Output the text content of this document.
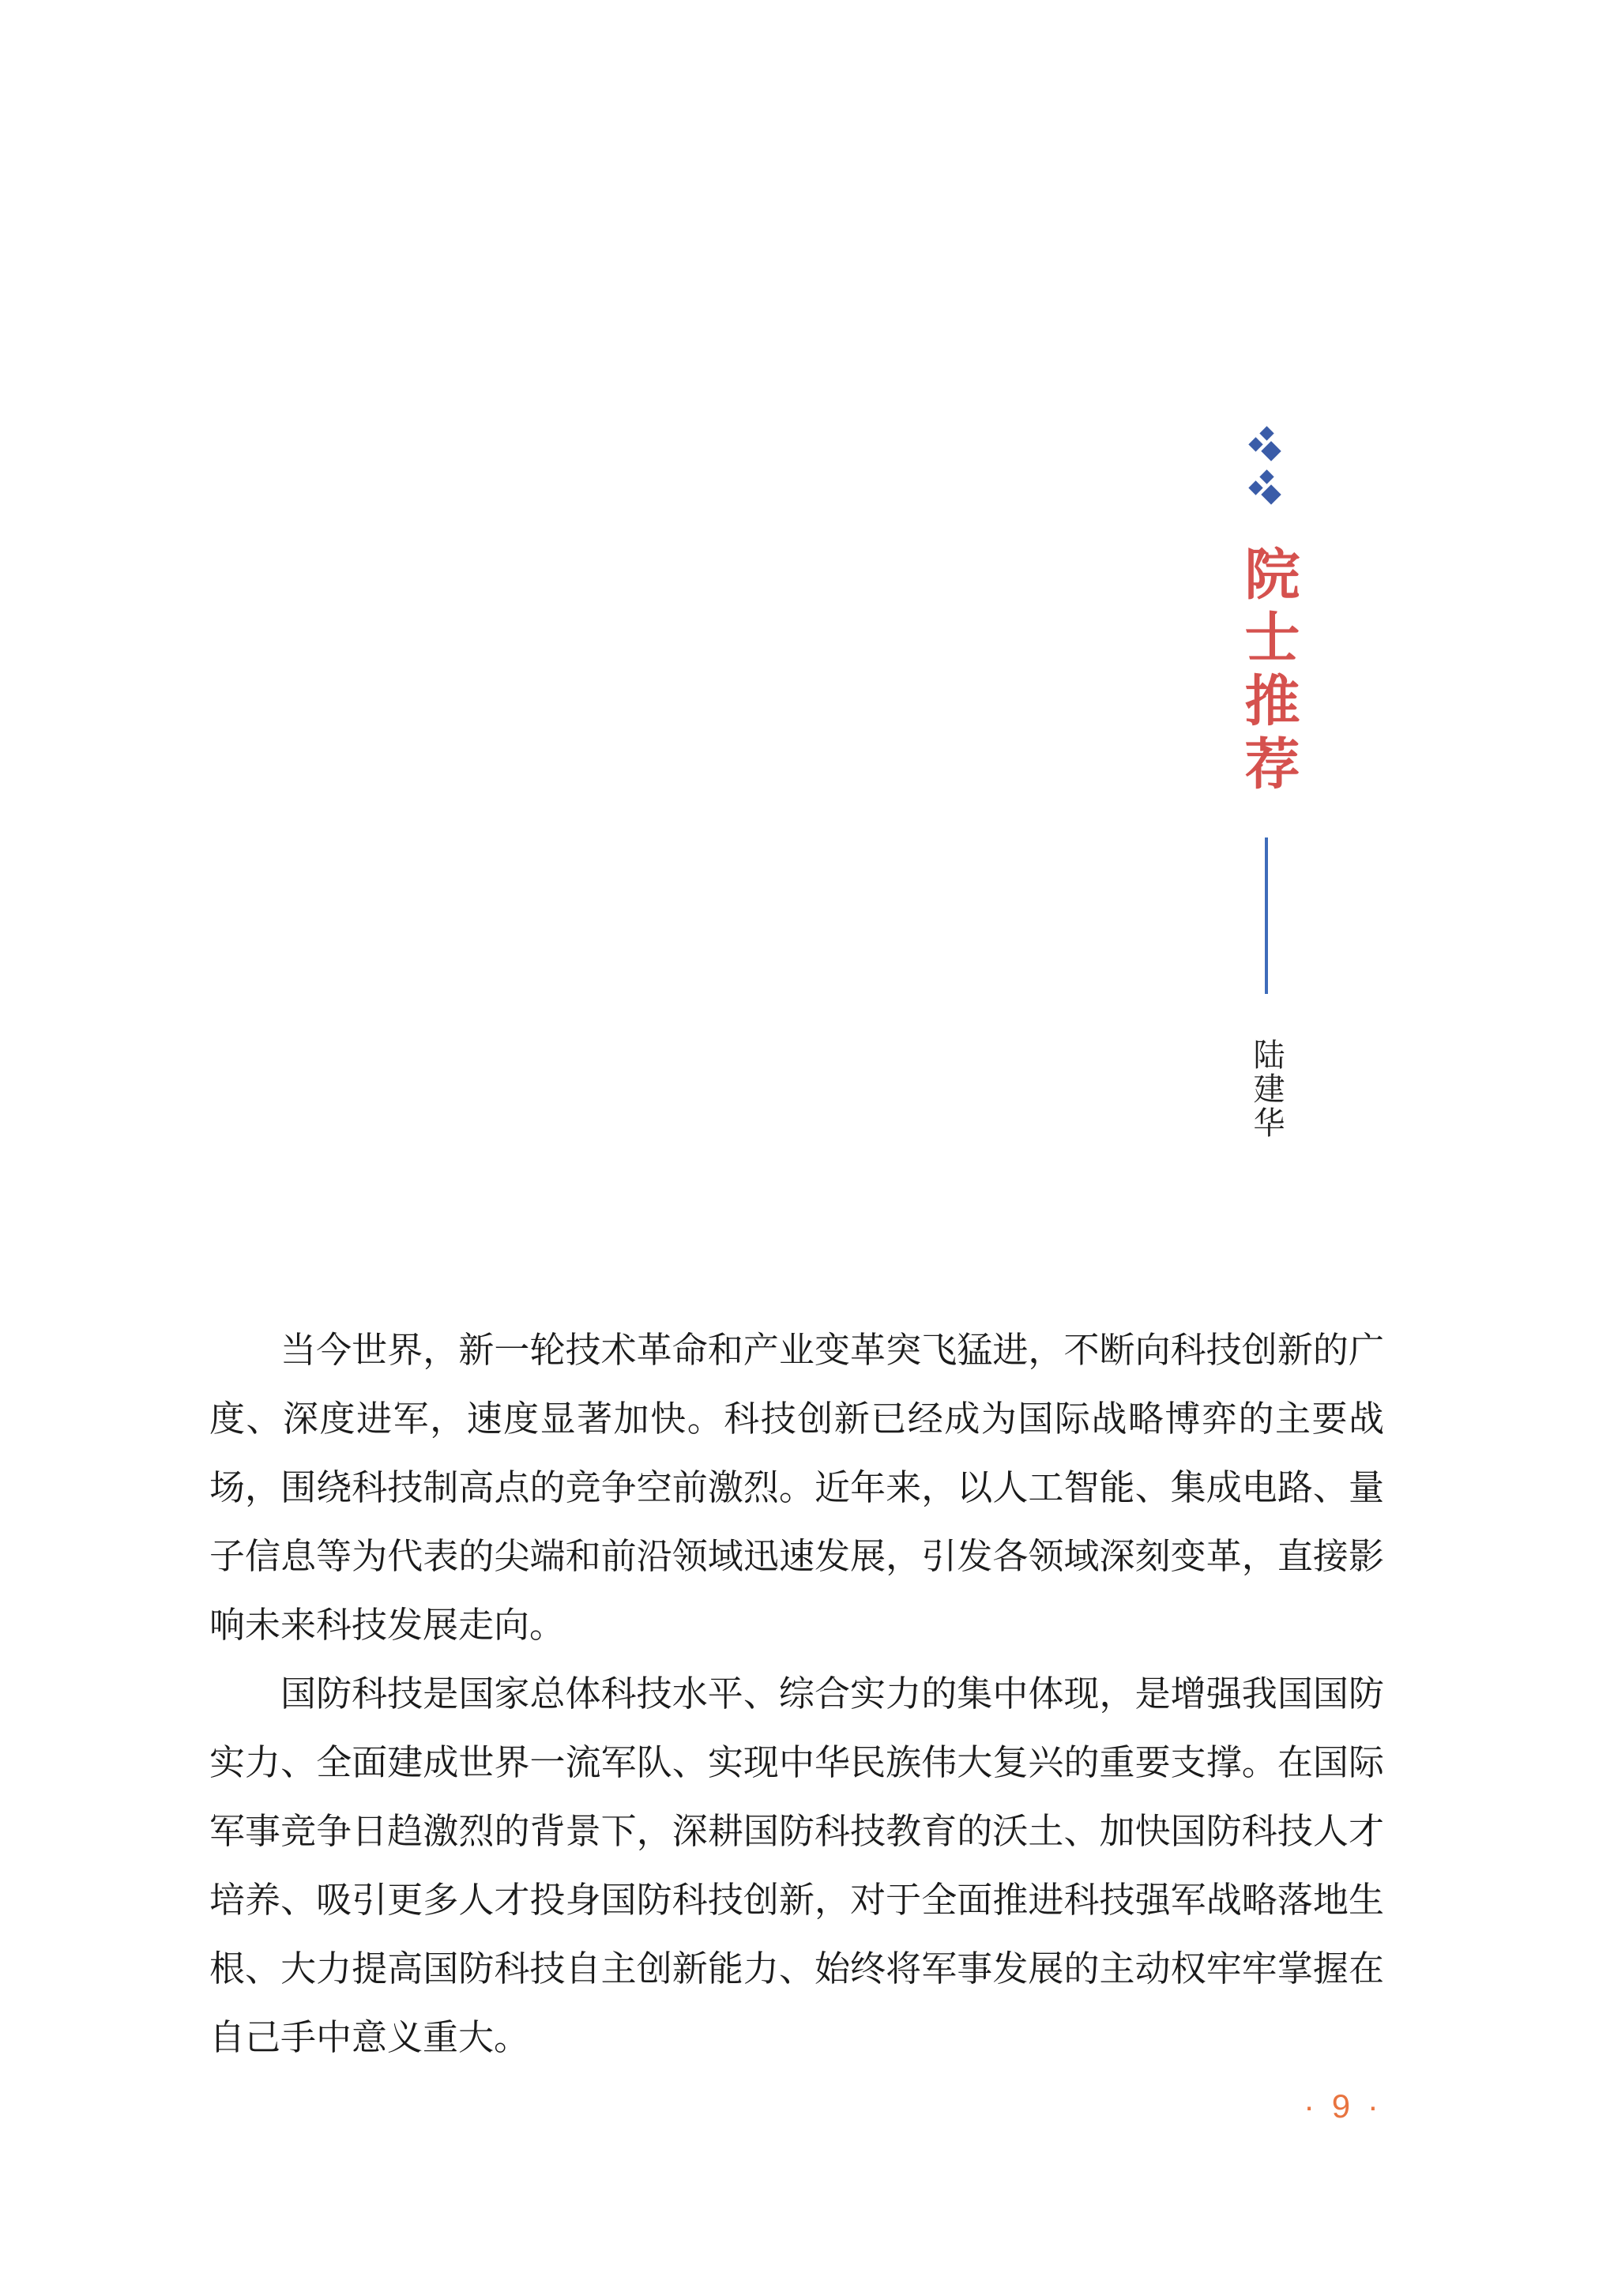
院士推荐
陆建华

当今世界，新一轮技术革命和产业变革突飞猛进，不断向科技创新的广度、深度进军，速度显著加快。科技创新已经成为国际战略博弈的主要战场，围绕科技制高点的竞争空前激烈。近年来，以人工智能、集成电路、量子信息等为代表的尖端和前沿领域迅速发展，引发各领域深刻变革，直接影响未来科技发展走向。

国防科技是国家总体科技水平、综合实力的集中体现，是增强我国国防实力、全面建成世界一流军队、实现中华民族伟大复兴的重要支撑。在国际军事竞争日趋激烈的背景下，深耕国防科技教育的沃土、加快国防科技人才培养、吸引更多人才投身国防科技创新，对于全面推进科技强军战略落地生根、大力提高国防科技自主创新能力、始终将军事发展的主动权牢牢掌握在自己手中意义重大。

· 9 ·
